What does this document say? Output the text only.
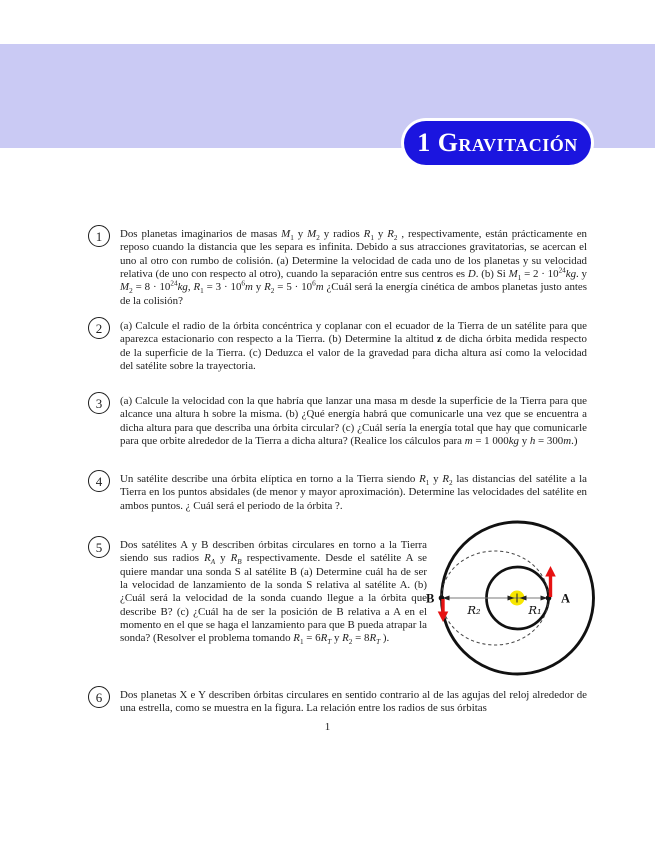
1 Gravitación
1 Dos planetas imaginarios de masas $M_1$ y $M_2$ y radios $R_1$ y $R_2$ , respectivamente, están prácticamente en reposo cuando la distancia que les separa es infinita. Debido a sus atracciones gravitatorias, se acercan el uno al otro con rumbo de colisión. (a) Determine la velocidad de cada uno de los planetas y su velocidad relativa (de uno con respecto al otro), cuando la separación entre sus centros es D. (b) Si $M_1 = 2 \cdot 10^{24}kg$. y $M_2 = 8 \cdot 10^{24}kg$, $R_1 = 3 \cdot 10^6m$ y $R_2 = 5 \cdot 10^6m$ ¿Cuál será la energía cinética de ambos planetas justo antes de la colisión?
2 (a) Calcule el radio de la órbita concéntrica y coplanar con el ecuador de la Tierra de un satélite para que aparezca estacionario con respecto a la Tierra. (b) Determine la altitud z de dicha órbita medida respecto de la superficie de la Tierra. (c) Deduzca el valor de la gravedad para dicha altura así como la velocidad del satélite sobre la trayectoria.
3 (a) Calcule la velocidad con la que habría que lanzar una masa m desde la superficie de la Tierra para que alcance una altura h sobre la misma. (b) ¿Qué energía habrá que comunicarle una vez que se encuentra a dicha altura para que describa una órbita circular? (c) ¿Cuál sería la energía total que hay que comunicarle para que orbite alrededor de la Tierra a dicha altura? (Realice los cálculos para m = 1 000kg y h = 300m.)
4 Un satélite describe una órbita elíptica en torno a la Tierra siendo $R_1$ y $R_2$ las distancias del satélite a la Tierra en los puntos absidales (de menor y mayor aproximación). Determine las velocidades del satélite en ambos puntos. ¿ Cuál será el periodo de la órbita ?.
5 Dos satélites A y B describen órbitas circulares en torno a la Tierra siendo sus radios $R_A$ y $R_B$ respectivamente. Desde el satélite A se quiere mandar una sonda S al satélite B (a) Determine cuál ha de ser la velocidad de lanzamiento de la sonda S relativa al satélite A. (b) ¿Cuál será la velocidad de la sonda cuando llegue a la órbita que describe B? (c) ¿Cuál ha de ser la posición de B relativa a A en el momento en el que se haga el lanzamiento para que B pueda atrapar la sonda? (Resolver el problema tomando $R_1 = 6R_T$ y $R_2 = 8R_T$ ).
6 Dos planetas X e Y describen órbitas circulares en sentido contrario al de las agujas del reloj alrededor de una estrella, como se muestra en la figura. La relación entre los radios de sus órbitas
B	A
R₂	R₁
1
